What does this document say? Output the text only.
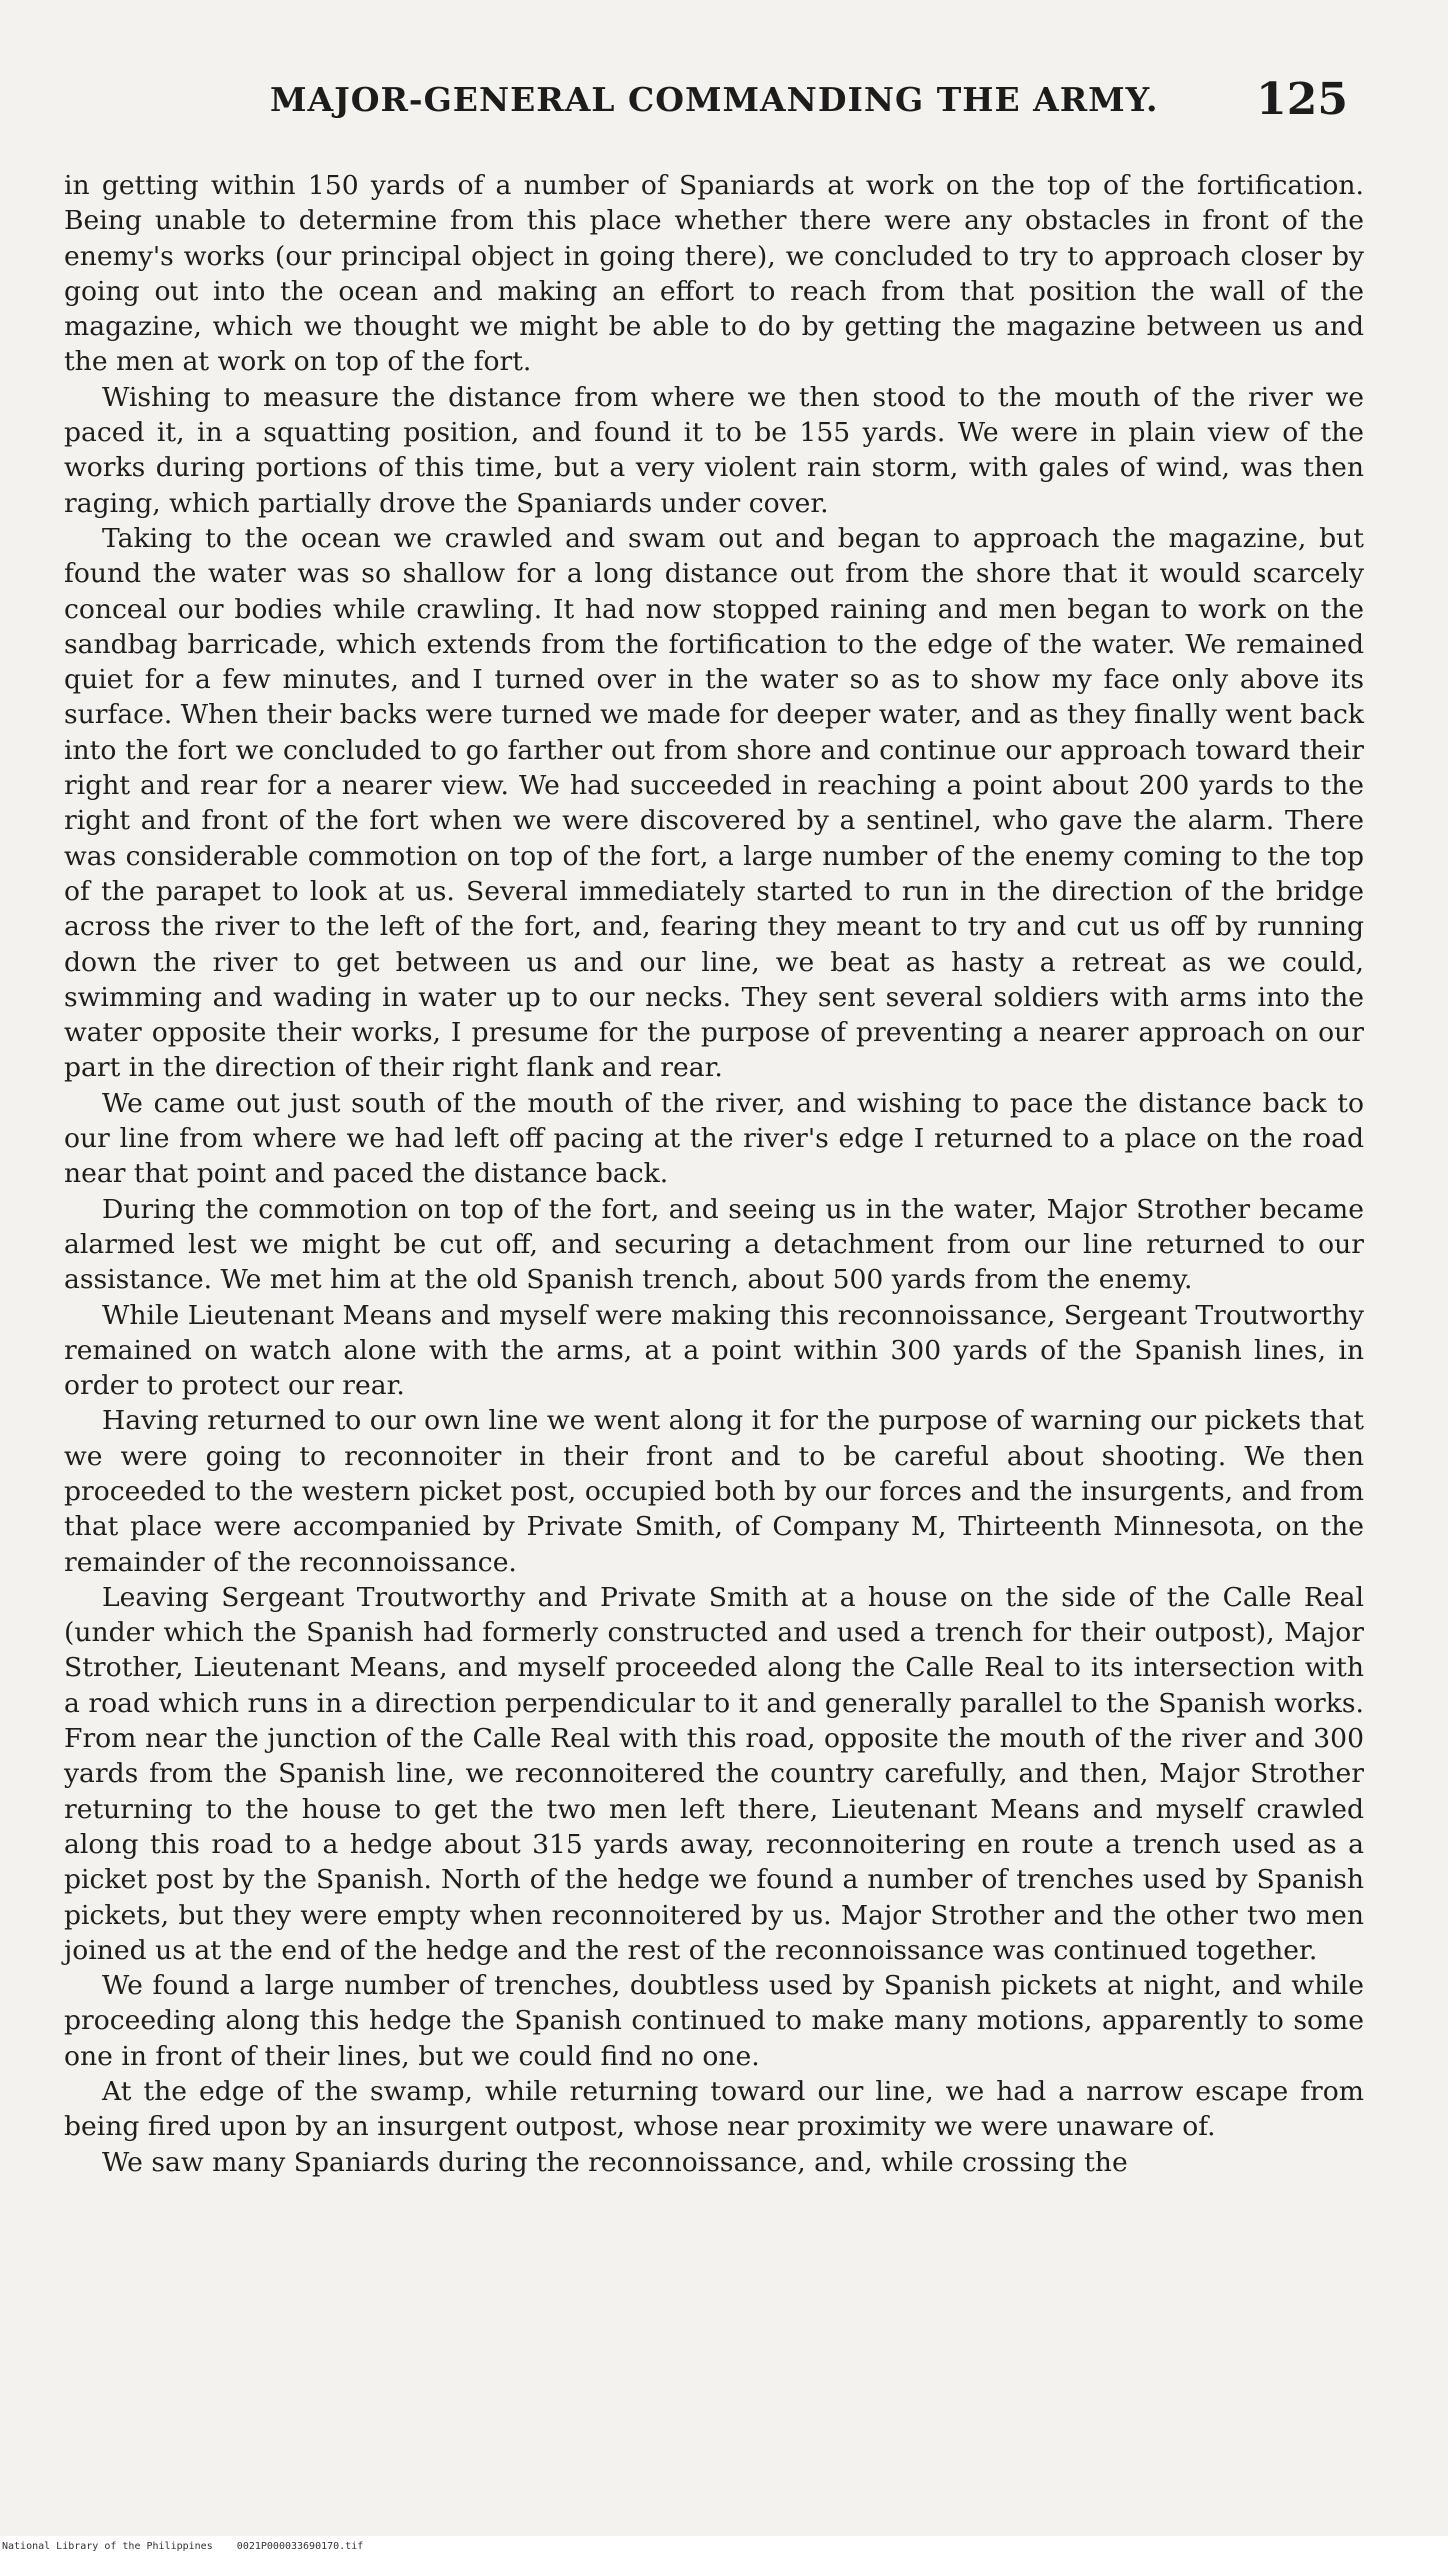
MAJOR-GENERAL COMMANDING THE ARMY. 125

in getting within 150 yards of a number of Spaniards at work on the top of the fortification. Being unable to determine from this place whether there were any obstacles in front of the enemy's works (our principal object in going there), we concluded to try to approach closer by going out into the ocean and making an effort to reach from that position the wall of the magazine, which we thought we might be able to do by getting the magazine between us and the men at work on top of the fort.

Wishing to measure the distance from where we then stood to the mouth of the river we paced it, in a squatting position, and found it to be 155 yards. We were in plain view of the works during portions of this time, but a very violent rain storm, with gales of wind, was then raging, which partially drove the Spaniards under cover.

Taking to the ocean we crawled and swam out and began to approach the magazine, but found the water was so shallow for a long distance out from the shore that it would scarcely conceal our bodies while crawling. It had now stopped raining and men began to work on the sandbag barricade, which extends from the fortification to the edge of the water. We remained quiet for a few minutes, and I turned over in the water so as to show my face only above its surface. When their backs were turned we made for deeper water, and as they finally went back into the fort we concluded to go farther out from shore and continue our approach toward their right and rear for a nearer view. We had succeeded in reaching a point about 200 yards to the right and front of the fort when we were discovered by a sentinel, who gave the alarm. There was considerable commotion on top of the fort, a large number of the enemy coming to the top of the parapet to look at us. Several immediately started to run in the direction of the bridge across the river to the left of the fort, and, fearing they meant to try and cut us off by running down the river to get between us and our line, we beat as hasty a retreat as we could, swimming and wading in water up to our necks. They sent several soldiers with arms into the water opposite their works, I presume for the purpose of preventing a nearer approach on our part in the direction of their right flank and rear.

We came out just south of the mouth of the river, and wishing to pace the distance back to our line from where we had left off pacing at the river's edge I returned to a place on the road near that point and paced the distance back.

During the commotion on top of the fort, and seeing us in the water, Major Strother became alarmed lest we might be cut off, and securing a detachment from our line returned to our assistance. We met him at the old Spanish trench, about 500 yards from the enemy.

While Lieutenant Means and myself were making this reconnoissance, Sergeant Troutworthy remained on watch alone with the arms, at a point within 300 yards of the Spanish lines, in order to protect our rear.

Having returned to our own line we went along it for the purpose of warning our pickets that we were going to reconnoiter in their front and to be careful about shooting. We then proceeded to the western picket post, occupied both by our forces and the insurgents, and from that place were accompanied by Private Smith, of Company M, Thirteenth Minnesota, on the remainder of the reconnoissance.

Leaving Sergeant Troutworthy and Private Smith at a house on the side of the Calle Real (under which the Spanish had formerly constructed and used a trench for their outpost), Major Strother, Lieutenant Means, and myself proceeded along the Calle Real to its intersection with a road which runs in a direction perpendicular to it and generally parallel to the Spanish works. From near the junction of the Calle Real with this road, opposite the mouth of the river and 300 yards from the Spanish line, we reconnoitered the country carefully, and then, Major Strother returning to the house to get the two men left there, Lieutenant Means and myself crawled along this road to a hedge about 315 yards away, reconnoitering en route a trench used as a picket post by the Spanish. North of the hedge we found a number of trenches used by Spanish pickets, but they were empty when reconnoitered by us. Major Strother and the other two men joined us at the end of the hedge and the rest of the reconnoissance was continued together.

We found a large number of trenches, doubtless used by Spanish pickets at night, and while proceeding along this hedge the Spanish continued to make many motions, apparently to some one in front of their lines, but we could find no one.

At the edge of the swamp, while returning toward our line, we had a narrow escape from being fired upon by an insurgent outpost, whose near proximity we were unaware of.

We saw many Spaniards during the reconnoissance, and, while crossing the

National Library of the Philippines    0021P000033690170.tif
